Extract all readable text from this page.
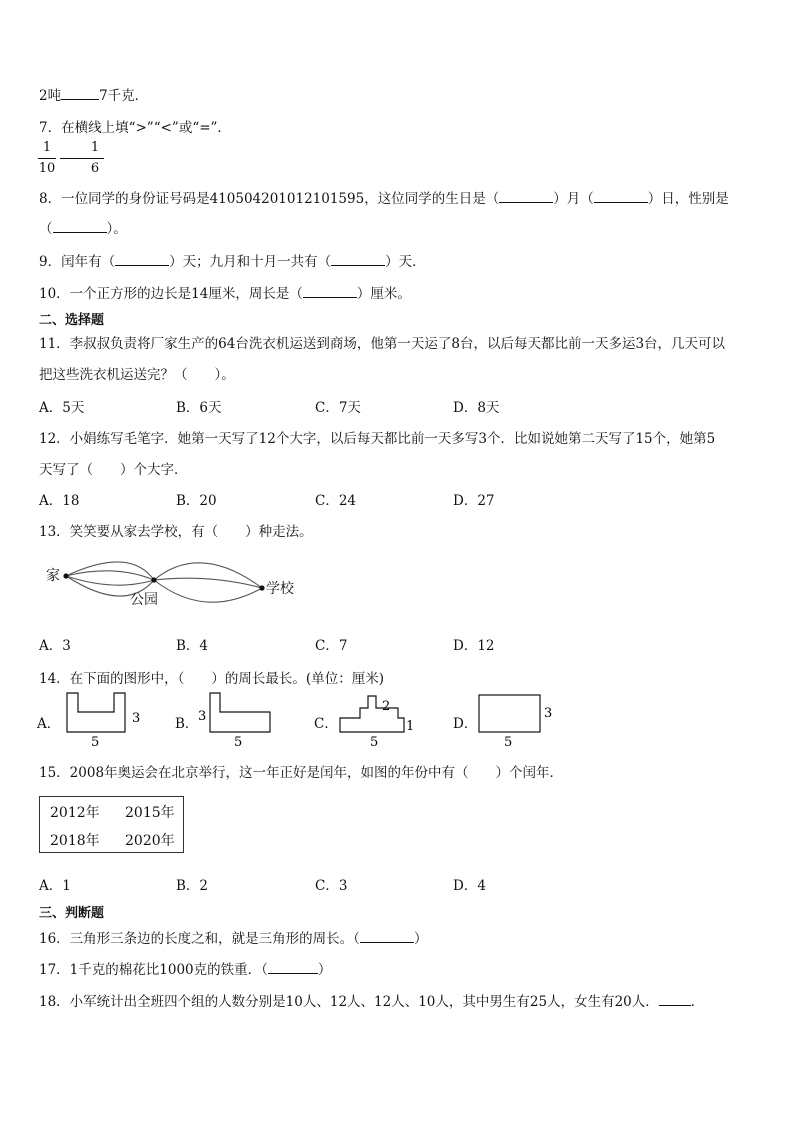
2吨	7千克．
7．在横线上填“>”“<”或“=”．
1
10
1
6
8．一位同学的身份证号码是410504201012101595，这位同学的生日是（	）月（	）日，性别是
（	）。
9．闰年有（	）天；九月和十月一共有（	）天．
10．一个正方形的边长是14厘米，周长是（	）厘米。
二、选择题
11．李叔叔负责将厂家生产的64台洗衣机运送到商场，他第一天运了8台，以后每天都比前一天多运3台，几天可以
把这些洗衣机运送完？（　　）。
A．5天	B．6天	C．7天	D．8天
12．小娟练写毛笔字．她第一天写了12个大字，以后每天都比前一天多写3个．比如说她第二天写了15个，她第5
天写了（　　）个大字．
A．18	B．20	C．24	D．27
13．笑笑要从家去学校，有（　　）种走法。
家
公园
学校
A．3	B．4	C．7	D．12
14．在下面的图形中，（　　）的周长最长。(单位：厘米)
A．	3
5
B． 3
5
C．
2
1
5
D．
3
5
15．2008年奥运会在北京举行，这一年正好是闰年，如图的年份中有（　　）个闰年．
2012年 2015年
2018年 2020年
A．1	B．2	C．3	D．4
三、判断题
16．三角形三条边的长度之和，就是三角形的周长。（	）
17．1千克的棉花比1000克的铁重．（	）
18．小军统计出全班四个组的人数分别是10人、12人、12人、10人，其中男生有25人，女生有20人． ．
